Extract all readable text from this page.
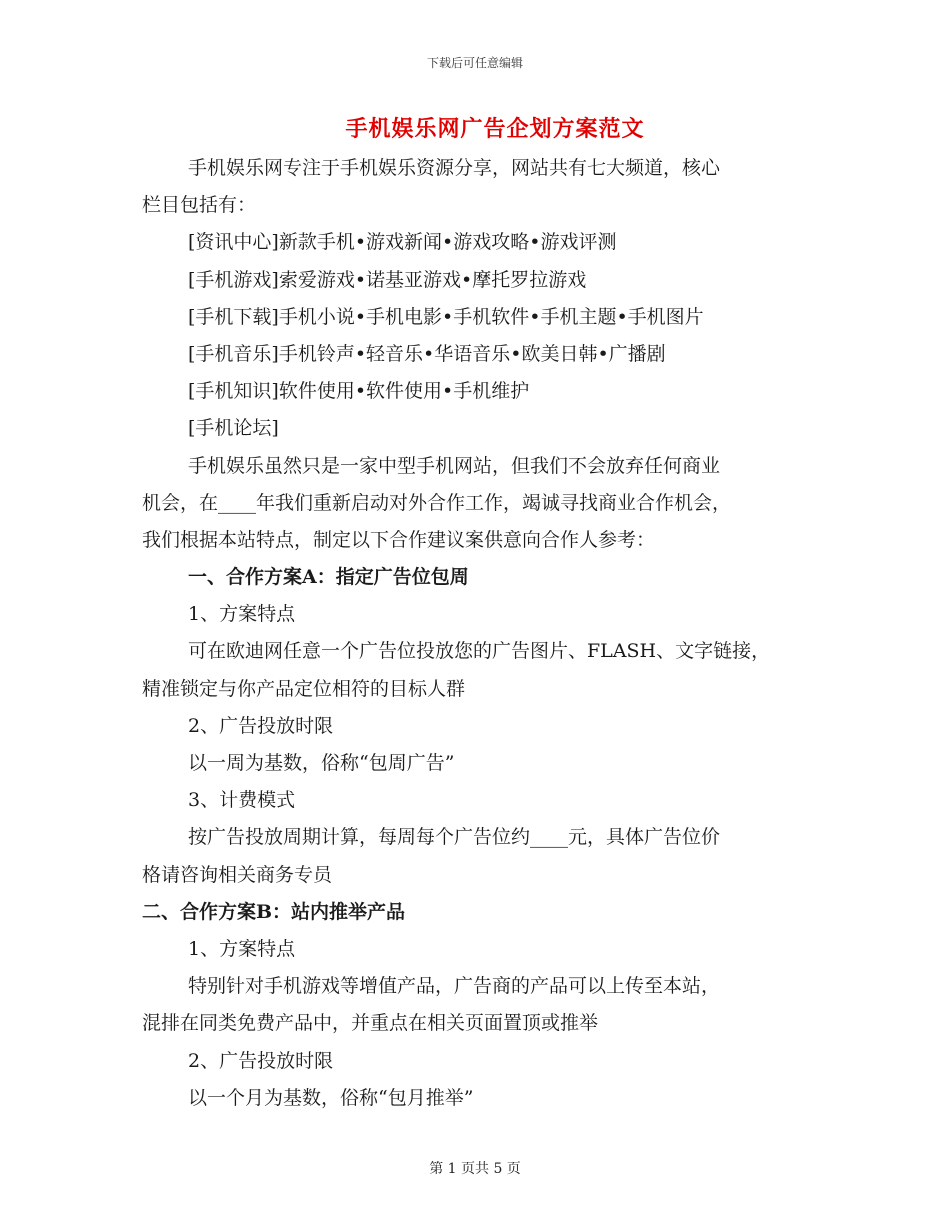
下载后可任意编辑
手机娱乐网广告企划方案范文
手机娱乐网专注于手机娱乐资源分享，网站共有七大频道，核心
栏目包括有：
[资讯中心]新款手机•游戏新闻•游戏攻略•游戏评测
[手机游戏]索爱游戏•诺基亚游戏•摩托罗拉游戏
[手机下载]手机小说•手机电影•手机软件•手机主题•手机图片
[手机音乐]手机铃声•轻音乐•华语音乐•欧美日韩•广播剧
[手机知识]软件使用•软件使用•手机维护
[手机论坛]
手机娱乐虽然只是一家中型手机网站，但我们不会放弃任何商业
机会，在____年我们重新启动对外合作工作，竭诚寻找商业合作机会，
我们根据本站特点，制定以下合作建议案供意向合作人参考：
一、合作方案A：指定广告位包周
1、方案特点
可在欧迪网任意一个广告位投放您的广告图片、FLASH、文字链接，
精准锁定与你产品定位相符的目标人群
2、广告投放时限
以一周为基数，俗称“包周广告”
3、计费模式
按广告投放周期计算，每周每个广告位约____元，具体广告位价
格请咨询相关商务专员
二、合作方案B：站内推举产品
1、方案特点
特别针对手机游戏等增值产品，广告商的产品可以上传至本站，
混排在同类免费产品中，并重点在相关页面置顶或推举
2、广告投放时限
以一个月为基数，俗称“包月推举”
第 1 页共 5 页
